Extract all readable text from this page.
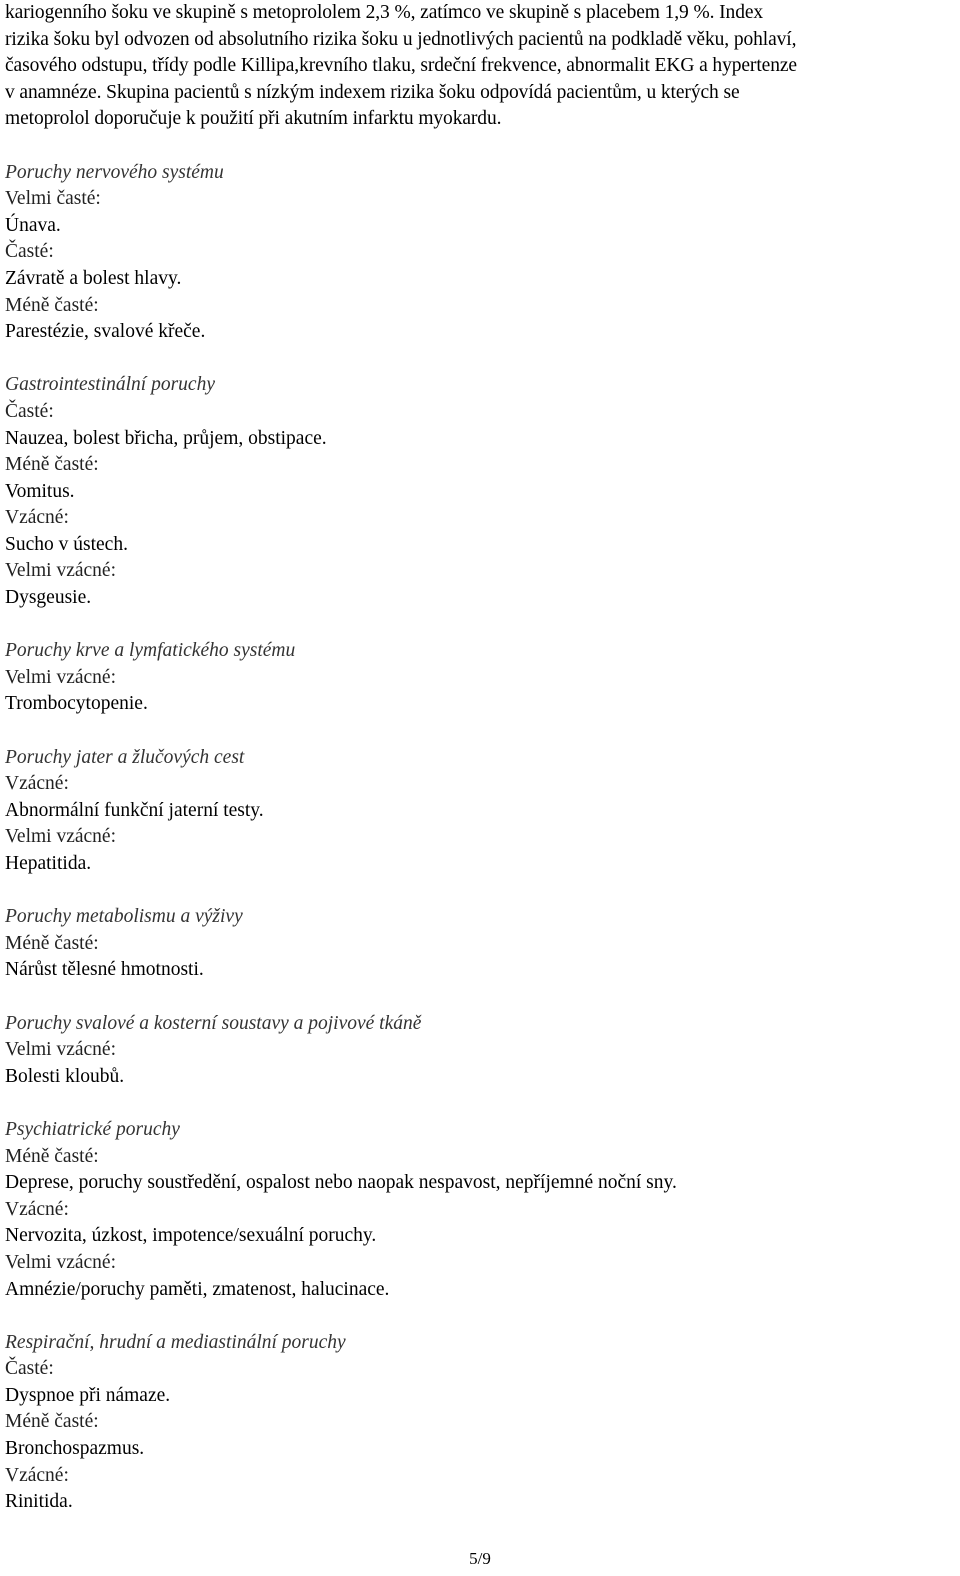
kariogenního šoku ve skupině s metoprololem 2,3 %, zatímco ve skupině s placebem 1,9 %. Index
rizika šoku byl odvozen od absolutního rizika šoku u jednotlivých pacientů na podkladě věku, pohlaví,
časového odstupu, třídy podle Killipa,krevního tlaku, srdeční frekvence, abnormalit EKG a hypertenze
v anamnéze. Skupina pacientů s nízkým indexem rizika šoku odpovídá pacientům, u kterých se
metoprolol doporučuje k použití při akutním infarktu myokardu.
Poruchy nervového systému
Velmi časté:
Únava.
Časté:
Závratě a bolest hlavy.
Méně časté:
Parestézie, svalové křeče.
Gastrointestinální poruchy
Časté:
Nauzea, bolest břicha, průjem, obstipace.
Méně časté:
Vomitus.
Vzácné:
Sucho v ústech.
Velmi vzácné:
Dysgeusie.
Poruchy krve a lymfatického systému
Velmi vzácné:
Trombocytopenie.
Poruchy jater a žlučových cest
Vzácné:
Abnormální funkční jaterní testy.
Velmi vzácné:
Hepatitida.
Poruchy metabolismu a výživy
Méně časté:
Nárůst tělesné hmotnosti.
Poruchy svalové a kosterní soustavy a pojivové tkáně
Velmi vzácné:
Bolesti kloubů.
Psychiatrické poruchy
Méně časté:
Deprese, poruchy soustředění, ospalost nebo naopak nespavost, nepříjemné noční sny.
Vzácné:
Nervozita, úzkost, impotence/sexuální poruchy.
Velmi vzácné:
Amnézie/poruchy paměti, zmatenost, halucinace.
Respirační, hrudní a mediastinální poruchy
Časté:
Dyspnoe při námaze.
Méně časté:
Bronchospazmus.
Vzácné:
Rinitida.
5/9
